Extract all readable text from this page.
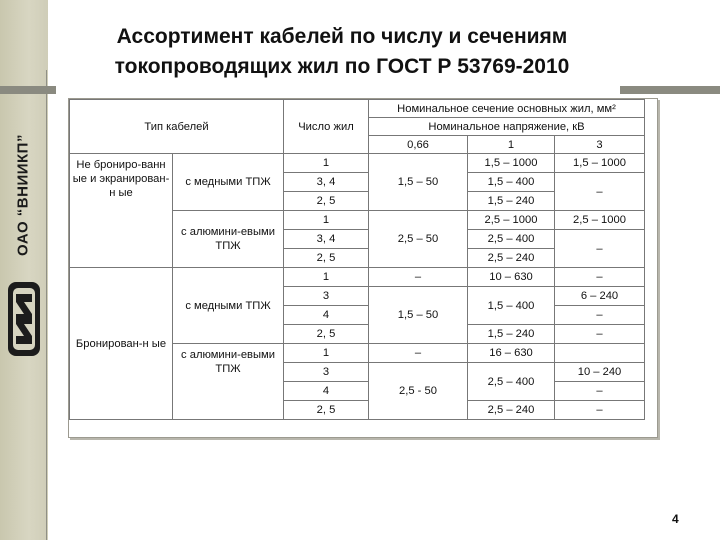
ОАО “ВНИИКП”
Ассортимент кабелей по числу и сечениям
токопроводящих жил по ГОСТ Р 53769-2010
Тип кабелей		Число жил	Номинальное сечение основных жил, мм²		
			Номинальное напряжение, кВ		
			0,66	1	3
Не брониро-ванн ые и экранирован-н ые	с медными ТПЖ	1	1,5 – 50	1,5 – 1000	1,5 – 1000
		3, 4		1,5 – 400	–
		2, 5		1,5 – 240	
	с алюмини-евыми ТПЖ	1	2,5 – 50	2,5 – 1000	2,5 – 1000
		3, 4		2,5 – 400	–
		2, 5		2,5 – 240	
Бронирован-н ые	с медными ТПЖ	1	–	10 – 630	–
		3	1,5 – 50	1,5 – 400	6 – 240
		4			–
		2, 5		1,5 – 240	–
	с алюмини-евыми ТПЖ	1	–	16 – 630	
		3	2,5 - 50	2,5 – 400	10 – 240
		4			–
		2, 5		2,5 – 240	–
4
